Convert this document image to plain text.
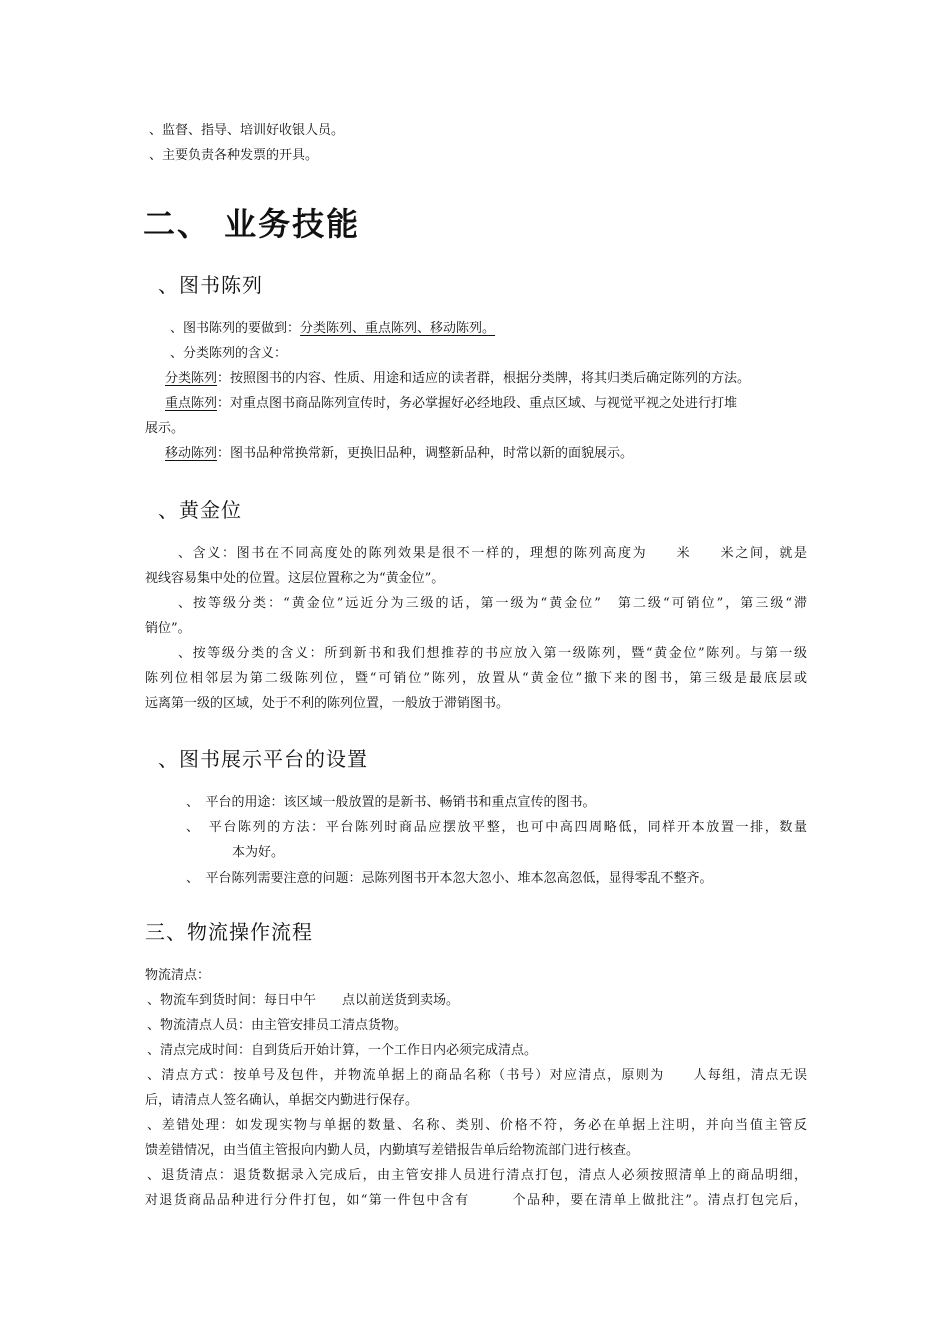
、监督、指导、培训好收银人员。
、主要负责各种发票的开具。
二、 业务技能
、图书陈列
、图书陈列的要做到：分类陈列、重点陈列、移动陈列。
、分类陈列的含义：
分类陈列：按照图书的内容、性质、用途和适应的读者群，根据分类牌，将其归类后确定陈列的方法。
重点陈列：对重点图书商品陈列宣传时，务必掌握好必经地段、重点区域、与视觉平视之处进行打堆
展示。
移动陈列：图书品种常换常新，更换旧品种，调整新品种，时常以新的面貌展示。
、黄金位
、含义：图书在不同高度处的陈列效果是很不一样的，理想的陈列高度为　　米　　米之间，就是
视线容易集中处的位置。这层位置称之为“黄金位”。
、按等级分类：“黄金位”远近分为三级的话，第一级为“黄金位”　第二级“可销位”，第三级“滞
销位”。
、按等级分类的含义：所到新书和我们想推荐的书应放入第一级陈列，暨“黄金位”陈列。与第一级
陈列位相邻层为第二级陈列位，暨“可销位”陈列，放置从“黄金位”撤下来的图书，第三级是最底层或
远离第一级的区域，处于不利的陈列位置，一般放于滞销图书。
、图书展示平台的设置
、　平台的用途：该区域一般放置的是新书、畅销书和重点宣传的图书。
、　平台陈列的方法：平台陈列时商品应摆放平整，也可中高四周略低，同样开本放置一排，数量
本为好。
、　平台陈列需要注意的问题：忌陈列图书开本忽大忽小、堆本忽高忽低，显得零乱不整齐。
三、物流操作流程
物流清点：
、物流车到货时间：每日中午　　点以前送货到卖场。
、物流清点人员：由主管安排员工清点货物。
、清点完成时间：自到货后开始计算，一个工作日内必须完成清点。
、清点方式：按单号及包件，并物流单据上的商品名称（书号）对应清点，原则为　　人每组，清点无误
后，请清点人签名确认，单据交内勤进行保存。
、差错处理：如发现实物与单据的数量、名称、类别、价格不符，务必在单据上注明，并向当值主管反
馈差错情况，由当值主管报向内勤人员，内勤填写差错报告单后给物流部门进行核查。
、退货清点：退货数据录入完成后，由主管安排人员进行清点打包，清点人必须按照清单上的商品明细，
对退货商品品种进行分件打包，如“第一件包中含有　　　个品种，要在清单上做批注”。清点打包完后，
